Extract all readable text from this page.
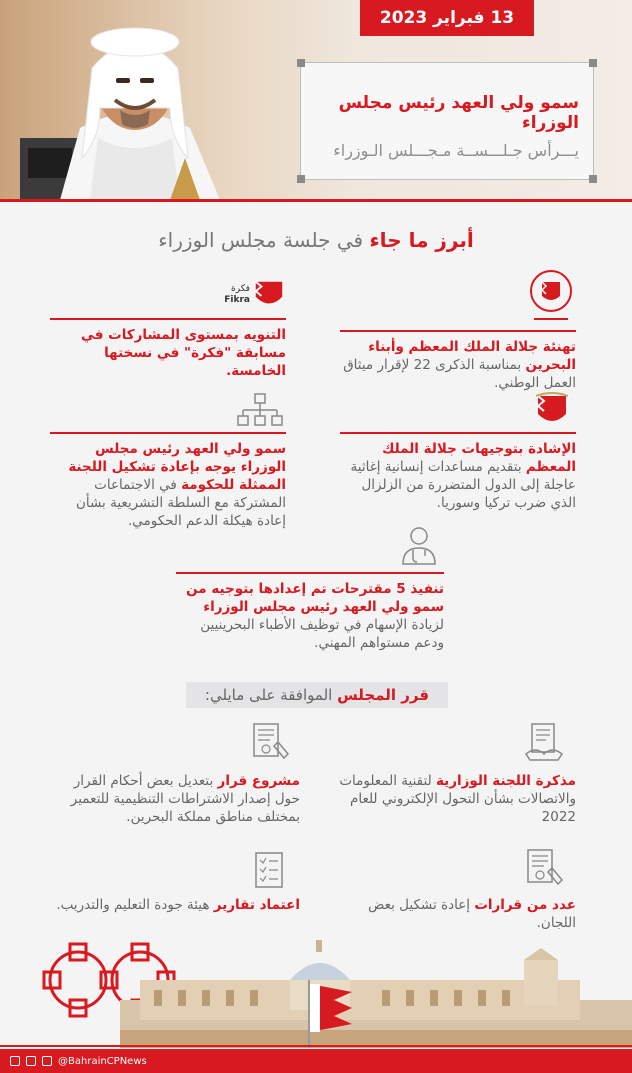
13 فبراير 2023
سمو ولي العهد رئيس مجلس الوزراء
يـــرأس جـلـــســة مـجـــلس الـوزراء
أبرز ما جاء في جلسة مجلس الوزراء
فكرة
Fikra
تهنئة جلالة الملك المعظم وأبناء البحرين بمناسبة الذكرى 22 لإقرار ميثاق العمل الوطني.
التنويه بمستوى المشاركات في مسابقة "فكرة" في نسختها الخامسة.
الإشادة بتوجيهات جلالة الملك المعظم بتقديم مساعدات إنسانية إغاثية عاجلة إلى الدول المتضررة من الزلزال الذي ضرب تركيا وسوريا.
سمو ولي العهد رئيس مجلس الوزراء يوجه بإعادة تشكيل اللجنة الممثلة للحكومة في الاجتماعات المشتركة مع السلطة التشريعية بشأن إعادة هيكلة الدعم الحكومي.
تنفيذ 5 مقترحات تم إعدادها بتوجيه من سمو ولي العهد رئيس مجلس الوزراء لزيادة الإسهام في توظيف الأطباء البحرينيين ودعم مستواهم المهني.
قرر المجلس الموافقة على مايلي:
مذكرة اللجنة الوزارية لتقنية المعلومات والاتصالات بشأن التحول الإلكتروني للعام 2022
مشروع قرار بتعديل بعض أحكام القرار حول إصدار الاشتراطات التنظيمية للتعمير بمختلف مناطق مملكة البحرين.
عدد من قرارات إعادة تشكيل بعض اللجان.
اعتماد تقارير هيئة جودة التعليم والتدريب.
@BahrainCPNews
